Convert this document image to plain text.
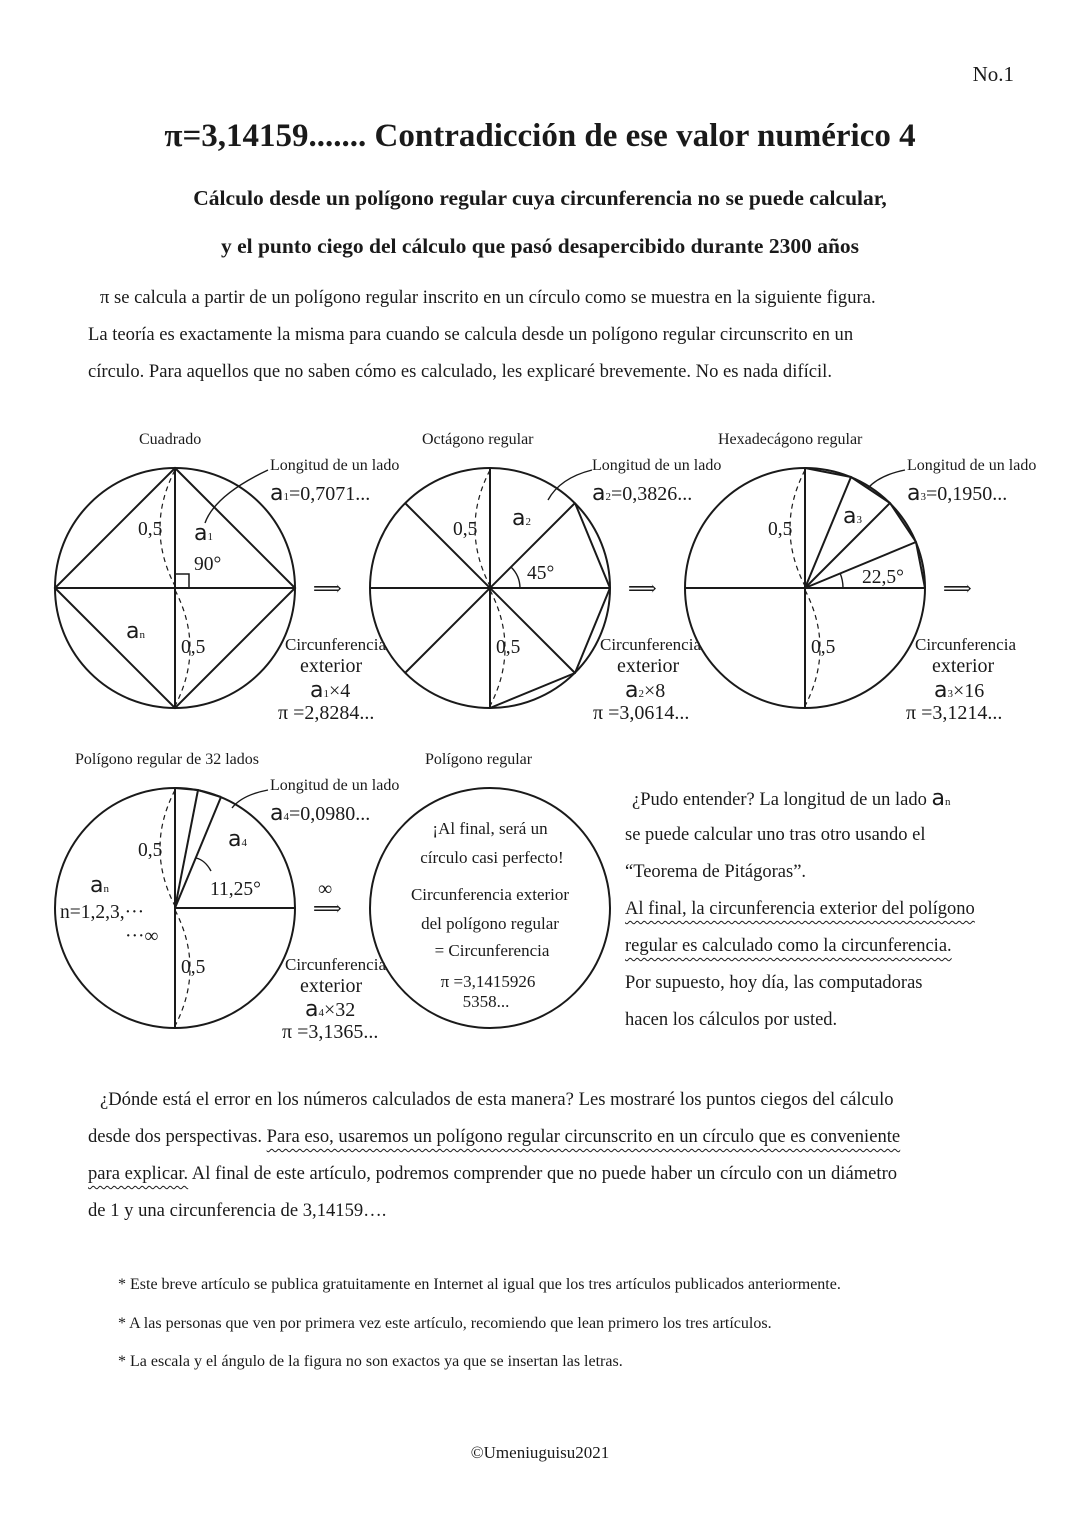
No.1
π=3,14159....... Contradicción de ese valor numérico 4
Cálculo desde un polígono regular cuya circunferencia no se puede calcular,
y el punto ciego del cálculo que pasó desapercibido durante 2300 años
π se calcula a partir de un polígono regular inscrito en un círculo como se muestra en la siguiente figura.
La teoría es exactamente la misma para cuando se calcula desde un polígono regular circunscrito en un
círculo. Para aquellos que no saben cómo es calculado, les explicaré brevemente. No es nada difícil.
Cuadrado
Longitud de un lado
a1=0,7071...
0,5 a1
90°
an
0,5
⟹
Circunferencia
exterior
a1×4
π =2,8284...
Octágono regular
Longitud de un lado
a2=0,3826...
a2
0,5
45°
0,5
⟹
Circunferencia
exterior
a2×8
π =3,0614...
Hexadecágono regular
Longitud de un lado
a3=0,1950...
a3
0,5
22,5°
0,5
⟹
Circunferencia
exterior
a3×16
π =3,1214...
Polígono regular de 32 lados
Longitud de un lado
a4=0,0980...
a4
0,5
an	11,25°
n=1,2,3,···
···∞
0,5
∞
⟹
Circunferencia
exterior
a4×32
π =3,1365...
Polígono regular
¡Al final, será un
círculo casi perfecto!
Circunferencia exterior
del polígono regular
= Circunferencia
π =3,1415926
5358...
¿Pudo entender? La longitud de un lado an
se puede calcular uno tras otro usando el
“Teorema de Pitágoras”.
Al final, la circunferencia exterior del polígono
regular es calculado como la circunferencia.
Por supuesto, hoy día, las computadoras
hacen los cálculos por usted.
¿Dónde está el error en los números calculados de esta manera? Les mostraré los puntos ciegos del cálculo
desde dos perspectivas. Para eso, usaremos un polígono regular circunscrito en un círculo que es conveniente
para explicar. Al final de este artículo, podremos comprender que no puede haber un círculo con un diámetro
de 1 y una circunferencia de 3,14159….
* Este breve artículo se publica gratuitamente en Internet al igual que los tres artículos publicados anteriormente.
* A las personas que ven por primera vez este artículo, recomiendo que lean primero los tres artículos.
* La escala y el ángulo de la figura no son exactos ya que se insertan las letras.
©Umeniuguisu2021
